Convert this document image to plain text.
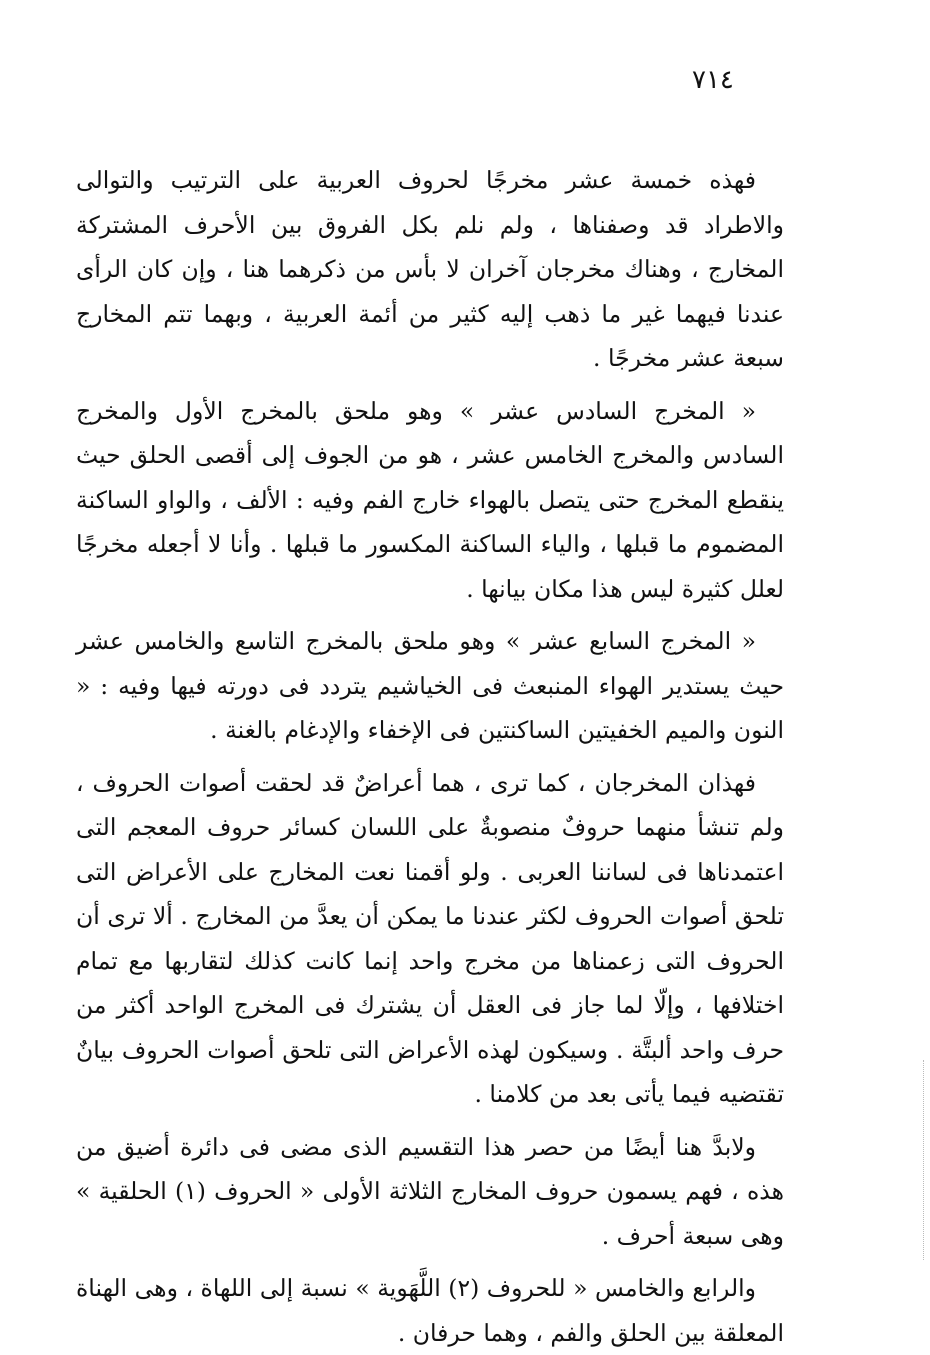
٧١٤

فهذه خمسة عشر مخرجًا لحروف العربية على الترتيب والتوالى والاطراد قد وصفناها ، ولم نلم بكل الفروق بين الأحرف المشتركة المخارج ، وهناك مخرجان آخران لا بأس من ذكرهما هنا ، وإن كان الرأى عندنا فيهما غير ما ذهب إليه كثير من أئمة العربية ، وبهما تتم المخارج سبعة عشر مخرجًا .

« المخرج السادس عشر » وهو ملحق بالمخرج الأول والمخرج السادس والمخرج الخامس عشر ، هو من الجوف إلى أقصى الحلق حيث ينقطع المخرج حتى يتصل بالهواء خارج الفم وفيه : الألف ، والواو الساكنة المضموم ما قبلها ، والياء الساكنة المكسور ما قبلها . وأنا لا أجعله مخرجًا لعلل كثيرة ليس هذا مكان بيانها .

« المخرج السابع عشر » وهو ملحق بالمخرج التاسع والخامس عشر حيث يستدير الهواء المنبعث فى الخياشيم يتردد فى دورته فيها وفيه : « النون والميم الخفيتين الساكنتين فى الإخفاء والإدغام بالغنة .

فهذان المخرجان ، كما ترى ، هما أعراضٌ قد لحقت أصوات الحروف ، ولم تنشأ منهما حروفٌ منصوبةٌ على اللسان كسائر حروف المعجم التى اعتمدناها فى لساننا العربى . ولو أقمنا نعت المخارج على الأعراض التى تلحق أصوات الحروف لكثر عندنا ما يمكن أن يعدَّ من المخارج . ألا ترى أن الحروف التى زعمناها من مخرج واحد إنما كانت كذلك لتقاربها مع تمام اختلافها ، وإلّا لما جاز فى العقل أن يشترك فى المخرج الواحد أكثر من حرف واحد ألبتَّة . وسيكون لهذه الأعراض التى تلحق أصوات الحروف بيانٌ تقتضيه فيما يأتى بعد من كلامنا .

ولابدَّ هنا أيضًا من حصر هذا التقسيم الذى مضى فى دائرة أضيق من هذه ، فهم يسمون حروف المخارج الثلاثة الأولى « الحروف (١) الحلقية » وهى سبعة أحرف .

والرابع والخامس « للحروف (٢) اللَّهَوية » نسبة إلى اللهاة ، وهى الهناة المعلقة بين الحلق والفم ، وهما حرفان .
